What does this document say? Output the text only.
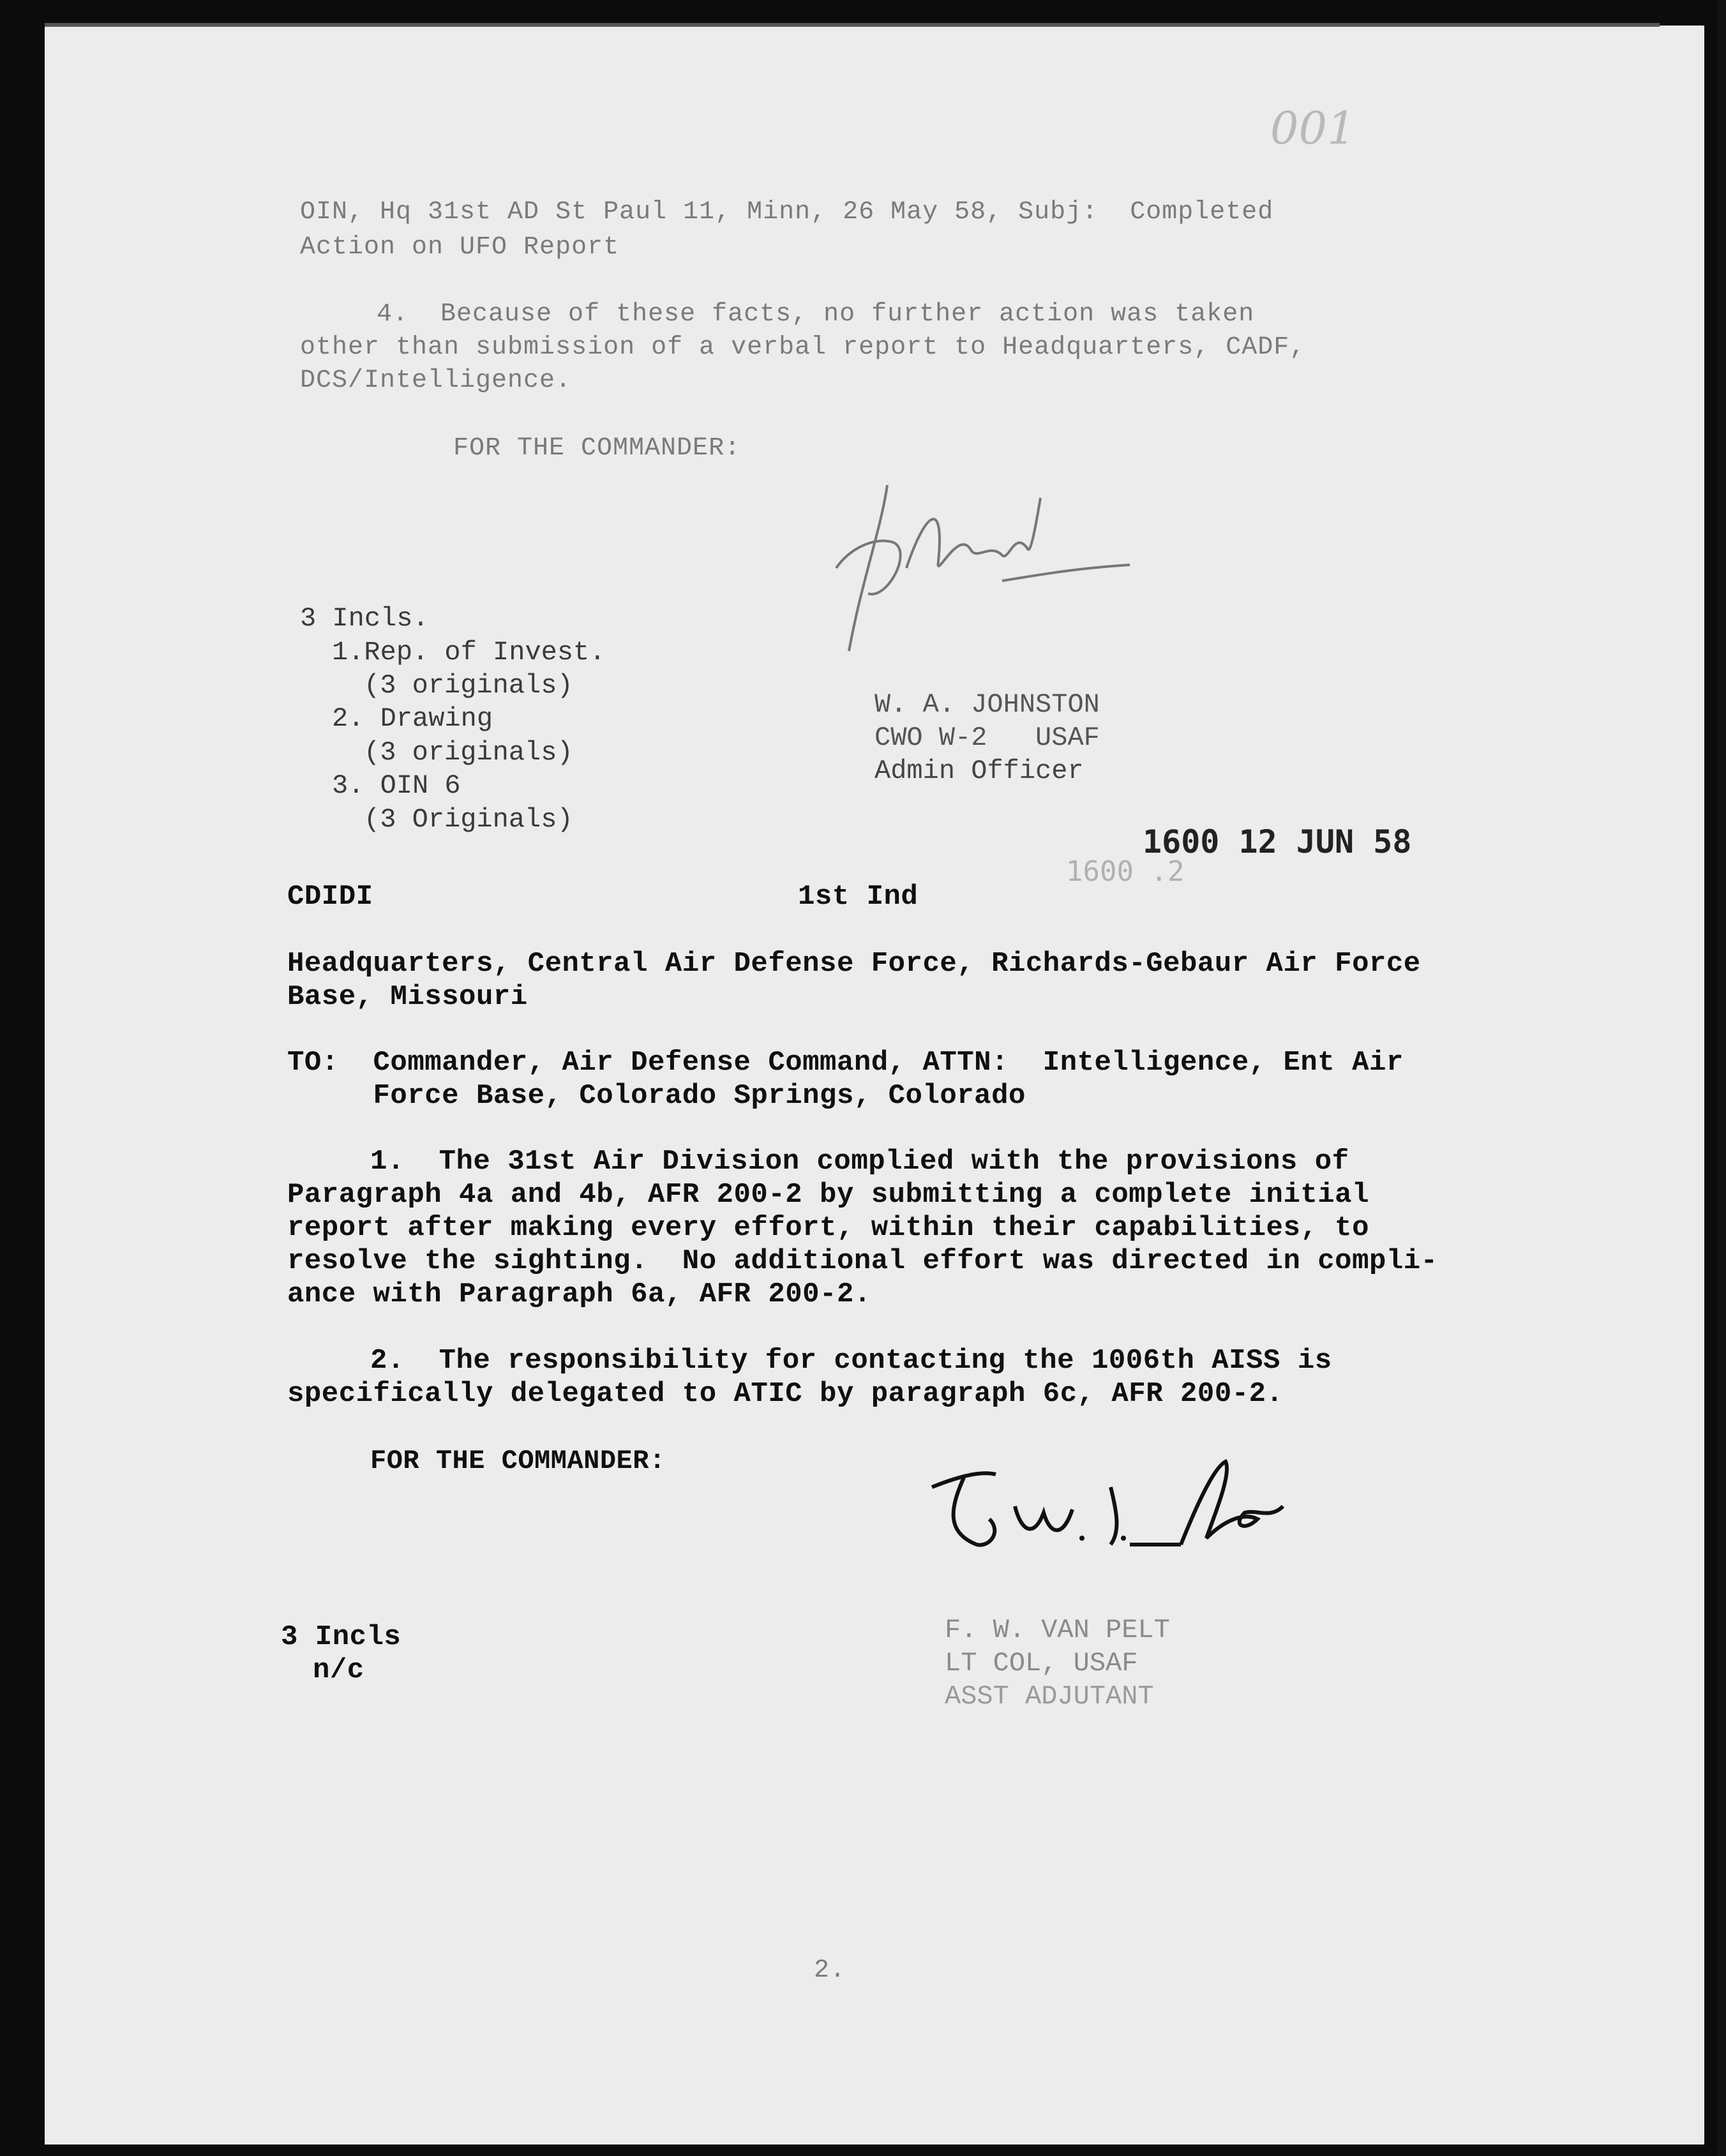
001
OIN, Hq 31st AD St Paul 11, Minn, 26 May 58, Subj:  Completed
Action on UFO Report
4.  Because of these facts, no further action was taken
other than submission of a verbal report to Headquarters, CADF,
DCS/Intelligence.
FOR THE COMMANDER:
3 Incls.
1.Rep. of Invest.
(3 originals)
2. Drawing
(3 originals)
3. OIN 6
(3 Originals)
W. A. JOHNSTON
CWO W-2   USAF
Admin Officer
1600 .2
1600 12 JUN 58
CDIDI	1st Ind
Headquarters, Central Air Defense Force, Richards-Gebaur Air Force
Base, Missouri
TO:  Commander, Air Defense Command, ATTN:  Intelligence, Ent Air
Force Base, Colorado Springs, Colorado
1.  The 31st Air Division complied with the provisions of
Paragraph 4a and 4b, AFR 200-2 by submitting a complete initial
report after making every effort, within their capabilities, to
resolve the sighting.  No additional effort was directed in compli-
ance with Paragraph 6a, AFR 200-2.
2.  The responsibility for contacting the 1006th AISS is
specifically delegated to ATIC by paragraph 6c, AFR 200-2.
FOR THE COMMANDER:
3 Incls
n/c
F. W. VAN PELT
LT COL, USAF
ASST ADJUTANT
2.
